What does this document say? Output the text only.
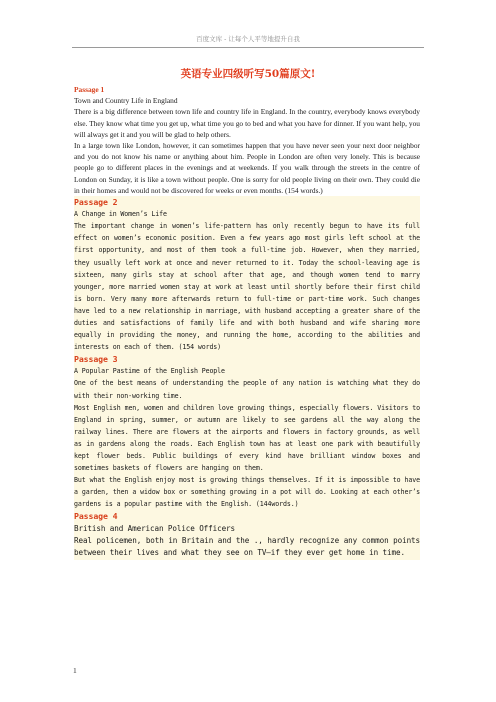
百度文库 - 让每个人平等地提升自我
英语专业四级听写50篇原文!
Passage 1
Town and Country Life in England

There is a big difference between town life and country life in England. In the country, everybody knows everybody else. They know what time you get up, what time you go to bed and what you have for dinner. If you want help, you will always get it and you will be glad to help others.

In a large town like London, however, it can sometimes happen that you have never seen your next door neighbor and you do not know his name or anything about him. People in London are often very lonely. This is because people go to different places in the evenings and at weekends. If you walk through the streets in the centre of London on Sunday, it is like a town without people. One is sorry for old people living on their own. They could die in their homes and would not be discovered for weeks or even months. (154 words.)

Passage 2
A Change in Women’s Life

The important change in women’s life-pattern has only recently begun to have its full effect on women’s economic position. Even a few years ago most girls left school at the first opportunity, and most of them took a full-time job. However, when they married, they usually left work at once and never returned to it. Today the school-leaving age is sixteen, many girls stay at school after that age, and though women tend to marry younger, more married women stay at work at least until shortly before their first child is born. Very many more afterwards return to full-time or part-time work. Such changes have led to a new relationship in marriage, with husband accepting a greater share of the duties and satisfactions of family life and with both husband and wife sharing more equally in providing the money, and running the home, according to the abilities and interests on each of them. (154 words)

Passage 3
A Popular Pastime of the English People

One of the best means of understanding the people of any nation is watching what they do with their non-working time.

Most English men, women and children love growing things, especially flowers. Visitors to England in spring, summer, or autumn are likely to see gardens all the way along the railway lines. There are flowers at the airports and flowers in factory grounds, as well as in gardens along the roads. Each English town has at least one park with beautifully kept flower beds. Public buildings of every kind have brilliant window boxes and sometimes baskets of flowers are hanging on them.

But what the English enjoy most is growing things themselves. If it is impossible to have a garden, then a widow box or something growing in a pot will do. Looking at each other’s gardens is a popular pastime with the English. (144words.)

Passage 4
British and American Police Officers

Real policemen, both in Britain and the ., hardly recognize any common points between their lives and what they see on TV—if they ever get home in time.

1
